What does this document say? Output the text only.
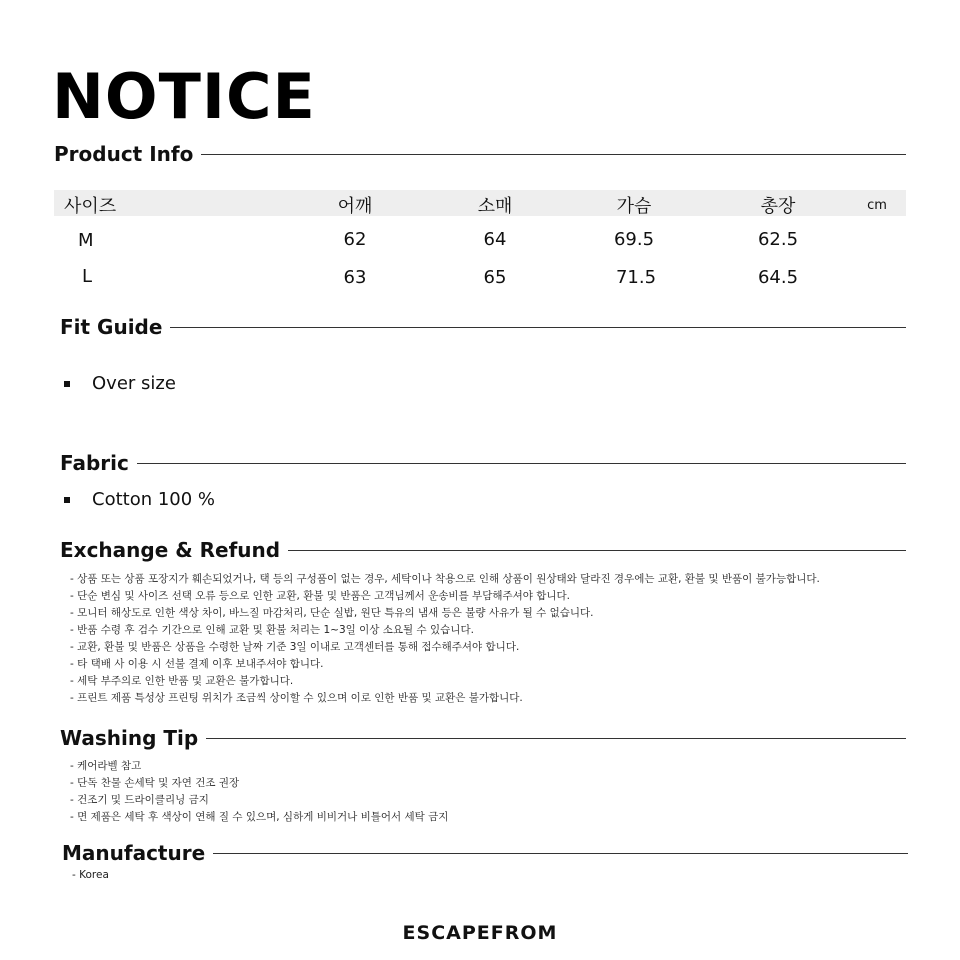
NOTICE
Product Info
사이즈	어깨	소매	가슴	총장	cm
M	62	64	69.5	62.5
L	63	65	71.5	64.5
Fit Guide
Over size
Fabric
Cotton 100 %
Exchange & Refund
- 상품 또는 상품 포장지가 훼손되었거나, 택 등의 구성품이 없는 경우, 세탁이나 착용으로 인해 상품이 원상태와 달라진 경우에는 교환, 환불 및 반품이 불가능합니다.
- 단순 변심 및 사이즈 선택 오류 등으로 인한 교환, 환불 및 반품은 고객님께서 운송비를 부담해주셔야 합니다.
- 모니터 해상도로 인한 색상 차이, 바느질 마감처리, 단순 실밥, 원단 특유의 냄새 등은 불량 사유가 될 수 없습니다.
- 반품 수령 후 검수 기간으로 인해 교환 및 환불 처리는 1~3일 이상 소요될 수 있습니다.
- 교환, 환불 및 반품은 상품을 수령한 날짜 기준 3일 이내로 고객센터를 통해 접수해주셔야 합니다.
- 타 택배 사 이용 시 선불 결제 이후 보내주셔야 합니다.
- 세탁 부주의로 인한 반품 및 교환은 불가합니다.
- 프린트 제품 특성상 프린팅 위치가 조금씩 상이할 수 있으며 이로 인한 반품 및 교환은 불가합니다.
Washing Tip
- 케어라벨 참고
- 단독 찬물 손세탁 및 자연 건조 권장
- 건조기 및 드라이클리닝 금지
- 면 제품은 세탁 후 색상이 연해 질 수 있으며, 심하게 비비거나 비틀어서 세탁 금지
Manufacture
- Korea
ESCAPEFROM
